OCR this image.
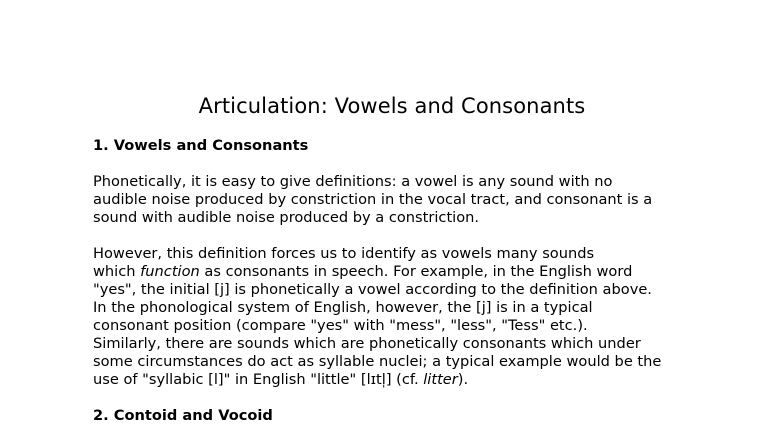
Articulation: Vowels and Consonants

1. Vowels and Consonants

Phonetically, it is easy to give definitions: a vowel is any sound with no
audible noise produced by constriction in the vocal tract, and consonant is a
sound with audible noise produced by a constriction.

However, this definition forces us to identify as vowels many sounds
which function as consonants in speech. For example, in the English word
"yes", the initial [j] is phonetically a vowel according to the definition above.
In the phonological system of English, however, the [j] is in a typical
consonant position (compare "yes" with "mess", "less", "Tess" etc.).
Similarly, there are sounds which are phonetically consonants which under
some circumstances do act as syllable nuclei; a typical example would be the
use of "syllabic [l]" in English "little" [lɪtl̩] (cf. litter).

2. Contoid and Vocoid
